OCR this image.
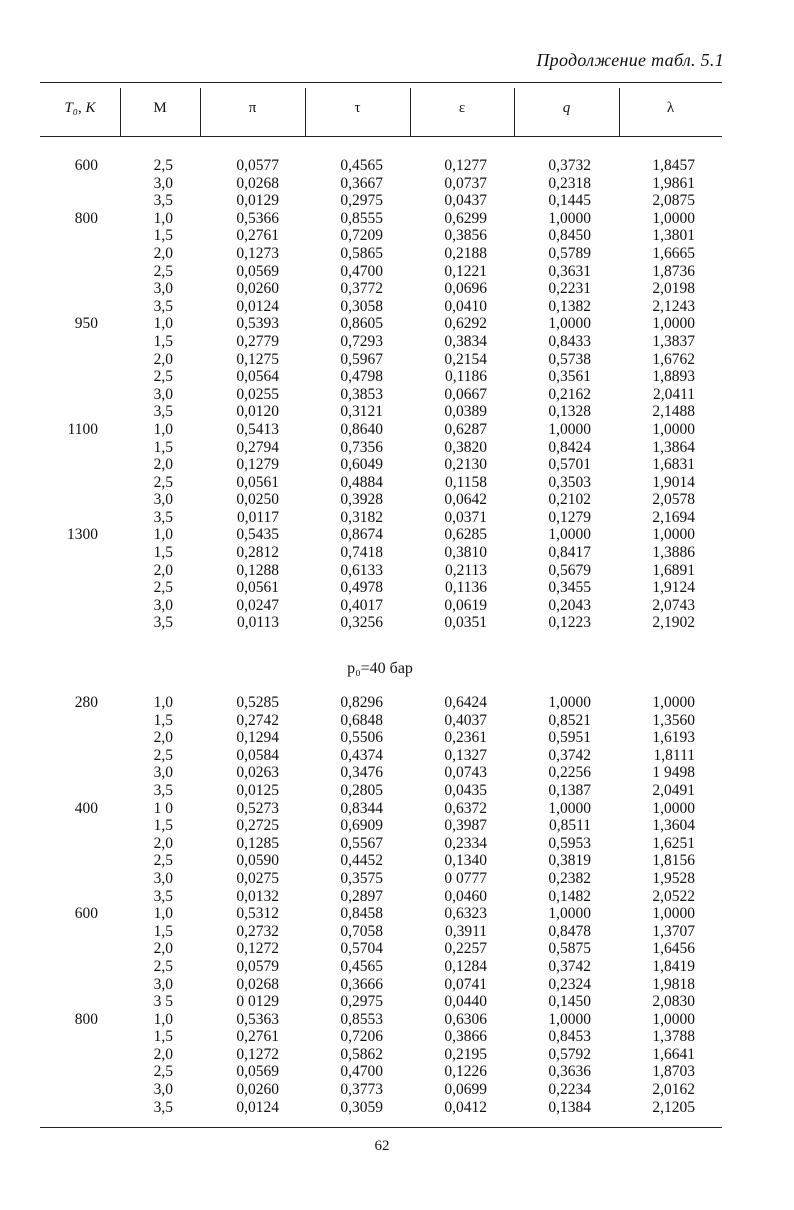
Продолжение табл. 5.1
T₀, K	M	π	τ	ε	q	λ
600	2,5	0,0577	0,4565	0,1277	0,3732	1,8457
3,0	0,0268	0,3667	0,0737	0,2318	1,9861
3,5	0,0129	0,2975	0,0437	0,1445	2,0875
800	1,0	0,5366	0,8555	0,6299	1,0000	1,0000
1,5	0,2761	0,7209	0,3856	0,8450	1,3801
2,0	0,1273	0,5865	0,2188	0,5789	1,6665
2,5	0,0569	0,4700	0,1221	0,3631	1,8736
3,0	0,0260	0,3772	0,0696	0,2231	2,0198
3,5	0,0124	0,3058	0,0410	0,1382	2,1243
950	1,0	0,5393	0,8605	0,6292	1,0000	1,0000
1,5	0,2779	0,7293	0,3834	0,8433	1,3837
2,0	0,1275	0,5967	0,2154	0,5738	1,6762
2,5	0,0564	0,4798	0,1186	0,3561	1,8893
3,0	0,0255	0,3853	0,0667	0,2162	2,0411
3,5	0,0120	0,3121	0,0389	0,1328	2,1488
1100	1,0	0,5413	0,8640	0,6287	1,0000	1,0000
1,5	0,2794	0,7356	0,3820	0,8424	1,3864
2,0	0,1279	0,6049	0,2130	0,5701	1,6831
2,5	0,0561	0,4884	0,1158	0,3503	1,9014
3,0	0,0250	0,3928	0,0642	0,2102	2,0578
3,5	0,0117	0,3182	0,0371	0,1279	2,1694
1300	1,0	0,5435	0,8674	0,6285	1,0000	1,0000
1,5	0,2812	0,7418	0,3810	0,8417	1,3886
2,0	0,1288	0,6133	0,2113	0,5679	1,6891
2,5	0,0561	0,4978	0,1136	0,3455	1,9124
3,0	0,0247	0,4017	0,0619	0,2043	2,0743
3,5	0,0113	0,3256	0,0351	0,1223	2,1902
p₀=40 бар
280	1,0	0,5285	0,8296	0,6424	1,0000	1,0000
1,5	0,2742	0,6848	0,4037	0,8521	1,3560
2,0	0,1294	0,5506	0,2361	0,5951	1,6193
2,5	0,0584	0,4374	0,1327	0,3742	1,8111
3,0	0,0263	0,3476	0,0743	0,2256	1 9498
3,5	0,0125	0,2805	0,0435	0,1387	2,0491
400	1 0	0,5273	0,8344	0,6372	1,0000	1,0000
1,5	0,2725	0,6909	0,3987	0,8511	1,3604
2,0	0,1285	0,5567	0,2334	0,5953	1,6251
2,5	0,0590	0,4452	0,1340	0,3819	1,8156
3,0	0,0275	0,3575	0 0777	0,2382	1,9528
3,5	0,0132	0,2897	0,0460	0,1482	2,0522
600	1,0	0,5312	0,8458	0,6323	1,0000	1,0000
1,5	0,2732	0,7058	0,3911	0,8478	1,3707
2,0	0,1272	0,5704	0,2257	0,5875	1,6456
2,5	0,0579	0,4565	0,1284	0,3742	1,8419
3,0	0,0268	0,3666	0,0741	0,2324	1,9818
3 5	0 0129	0,2975	0,0440	0,1450	2,0830
800	1,0	0,5363	0,8553	0,6306	1,0000	1,0000
1,5	0,2761	0,7206	0,3866	0,8453	1,3788
2,0	0,1272	0,5862	0,2195	0,5792	1,6641
2,5	0,0569	0,4700	0,1226	0,3636	1,8703
3,0	0,0260	0,3773	0,0699	0,2234	2,0162
3,5	0,0124	0,3059	0,0412	0,1384	2,1205
62
